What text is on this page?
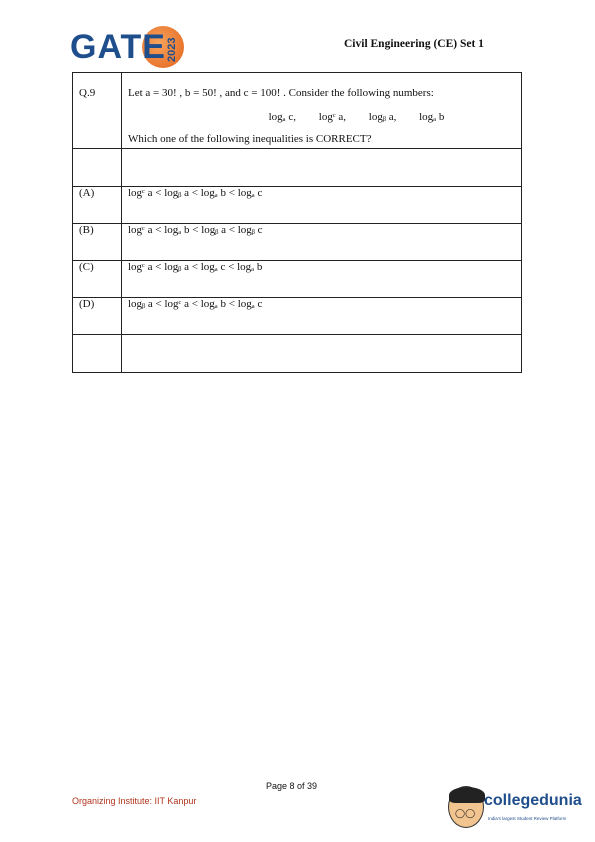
GATE 2023	Civil Engineering (CE) Set 1
Q.9	Let a = 30! , b = 50! , and c = 100! . Consider the following numbers:
logₐ c, logᶜ a, logᵦ a, logₐ b
Which one of the following inequalities is CORRECT?

(A)	logᶜ a < logᵦ a < logₐ b < logₐ c
(B)	logᶜ a < logₐ b < logᵦ a < logᵦ c
(C)	logᶜ a < logᵦ a < logₐ c < logₐ b
(D)	logᵦ a < logᶜ a < logₐ b < logₐ c

Page 8 of 39
Organizing Institute: IIT Kanpur
◯◯
collegedunia
India's largest Student Review Platform
